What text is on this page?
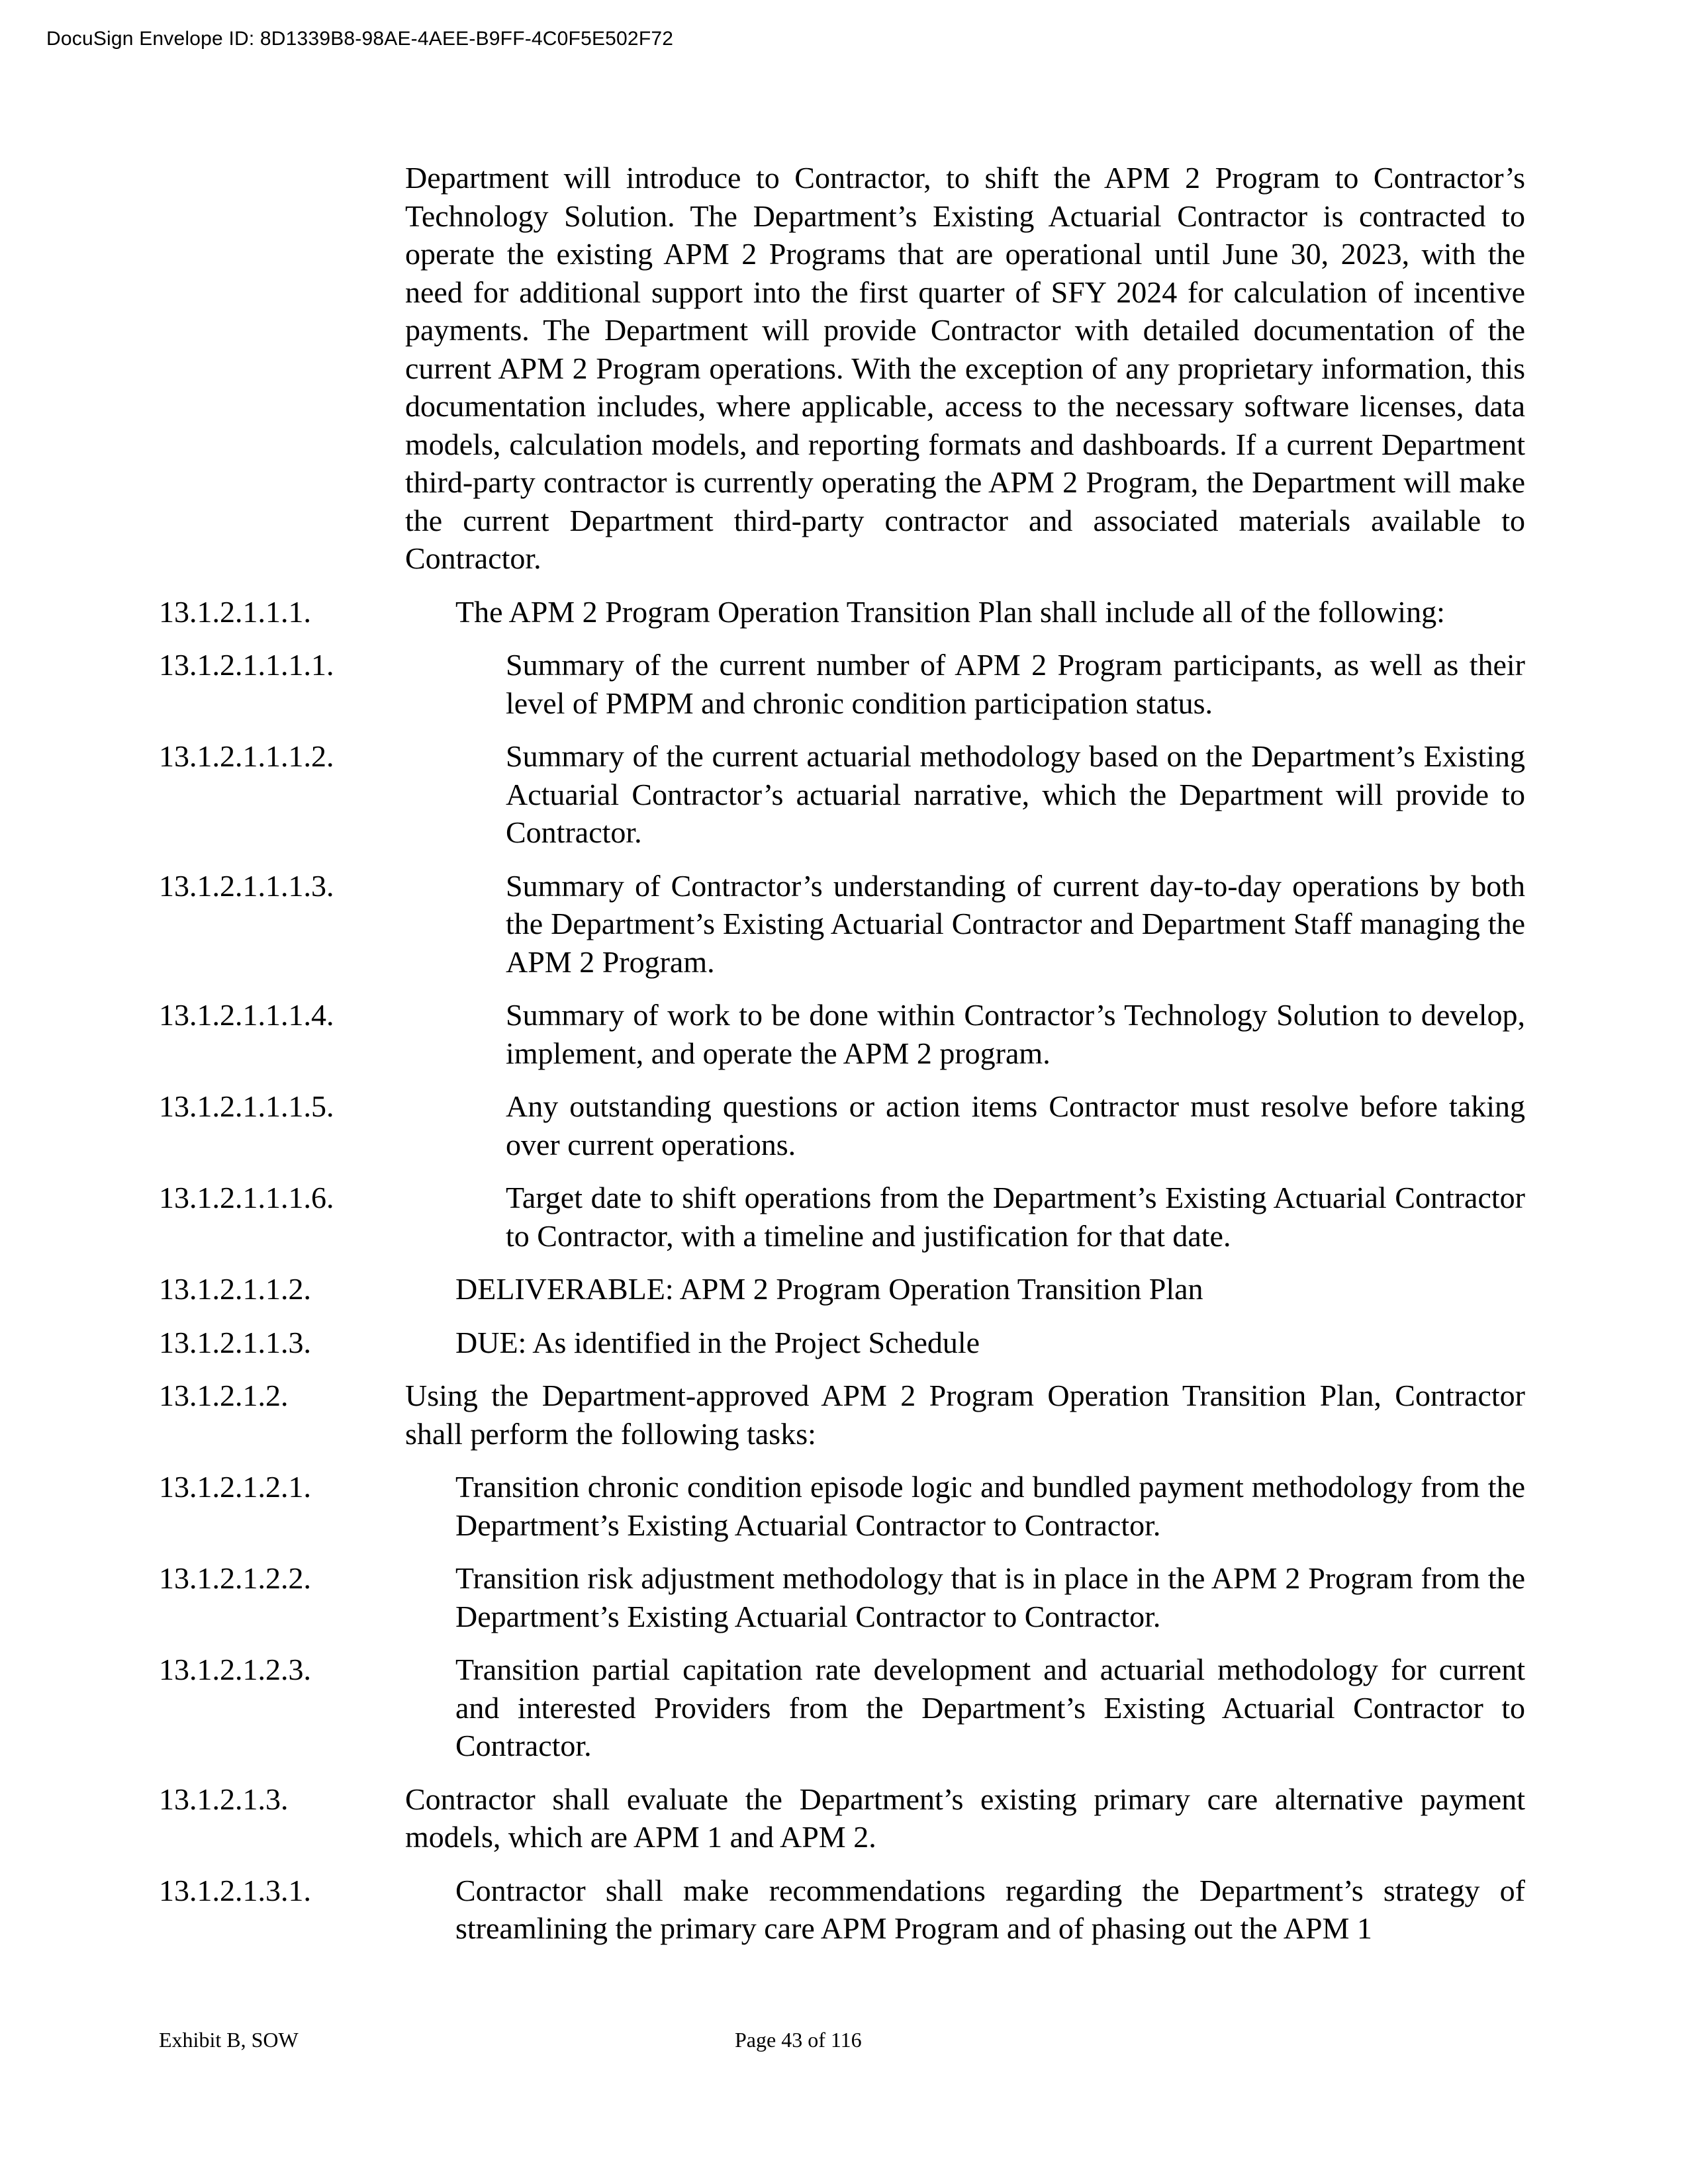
DocuSign Envelope ID: 8D1339B8-98AE-4AEE-B9FF-4C0F5E502F72

Department will introduce to Contractor, to shift the APM 2 Program to Contractor’s Technology Solution. The Department’s Existing Actuarial Contractor is contracted to operate the existing APM 2 Programs that are operational until June 30, 2023, with the need for additional support into the first quarter of SFY 2024 for calculation of incentive payments. The Department will provide Contractor with detailed documentation of the current APM 2 Program operations. With the exception of any proprietary information, this documentation includes, where applicable, access to the necessary software licenses, data models, calculation models, and reporting formats and dashboards. If a current Department third-party contractor is currently operating the APM 2 Program, the Department will make the current Department third-party contractor and associated materials available to Contractor.

13.1.2.1.1.1.	The APM 2 Program Operation Transition Plan shall include all of the following:
13.1.2.1.1.1.1.	Summary of the current number of APM 2 Program participants, as well as their level of PMPM and chronic condition participation status.
13.1.2.1.1.1.2.	Summary of the current actuarial methodology based on the Department’s Existing Actuarial Contractor’s actuarial narrative, which the Department will provide to Contractor.
13.1.2.1.1.1.3.	Summary of Contractor’s understanding of current day-to-day operations by both the Department’s Existing Actuarial Contractor and Department Staff managing the APM 2 Program.
13.1.2.1.1.1.4.	Summary of work to be done within Contractor’s Technology Solution to develop, implement, and operate the APM 2 program.
13.1.2.1.1.1.5.	Any outstanding questions or action items Contractor must resolve before taking over current operations.
13.1.2.1.1.1.6.	Target date to shift operations from the Department’s Existing Actuarial Contractor to Contractor, with a timeline and justification for that date.
13.1.2.1.1.2.	DELIVERABLE: APM 2 Program Operation Transition Plan
13.1.2.1.1.3.	DUE: As identified in the Project Schedule
13.1.2.1.2.	Using the Department-approved APM 2 Program Operation Transition Plan, Contractor shall perform the following tasks:
13.1.2.1.2.1.	Transition chronic condition episode logic and bundled payment methodology from the Department’s Existing Actuarial Contractor to Contractor.
13.1.2.1.2.2.	Transition risk adjustment methodology that is in place in the APM 2 Program from the Department’s Existing Actuarial Contractor to Contractor.
13.1.2.1.2.3.	Transition partial capitation rate development and actuarial methodology for current and interested Providers from the Department’s Existing Actuarial Contractor to Contractor.
13.1.2.1.3.	Contractor shall evaluate the Department’s existing primary care alternative payment models, which are APM 1 and APM 2.
13.1.2.1.3.1.	Contractor shall make recommendations regarding the Department’s strategy of streamlining the primary care APM Program and of phasing out the APM 1
Exhibit B, SOW	Page 43 of 116
